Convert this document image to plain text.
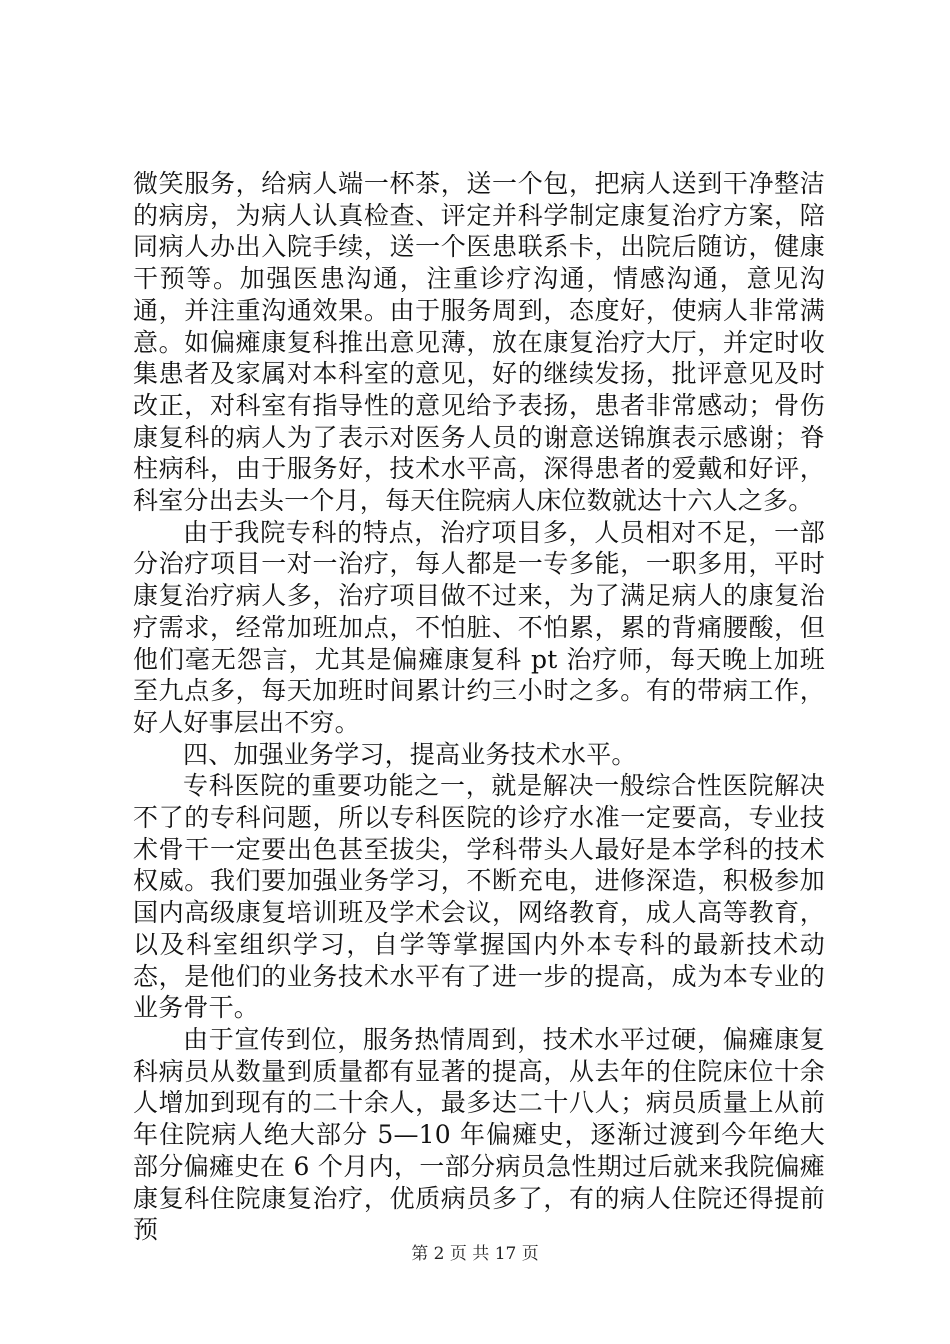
微笑服务，给病人端一杯茶，送一个包，把病人送到干净整洁的病房，为病人认真检查、评定并科学制定康复治疗方案，陪同病人办出入院手续，送一个医患联系卡，出院后随访，健康干预等。加强医患沟通，注重诊疗沟通，情感沟通，意见沟通，并注重沟通效果。由于服务周到，态度好，使病人非常满意。如偏瘫康复科推出意见薄，放在康复治疗大厅，并定时收集患者及家属对本科室的意见，好的继续发扬，批评意见及时改正，对科室有指导性的意见给予表扬，患者非常感动；骨伤康复科的病人为了表示对医务人员的谢意送锦旗表示感谢；脊柱病科，由于服务好，技术水平高，深得患者的爱戴和好评，科室分出去头一个月，每天住院病人床位数就达十六人之多。

由于我院专科的特点，治疗项目多，人员相对不足，一部分治疗项目一对一治疗，每人都是一专多能，一职多用，平时康复治疗病人多，治疗项目做不过来，为了满足病人的康复治疗需求，经常加班加点，不怕脏、不怕累，累的背痛腰酸，但他们毫无怨言，尤其是偏瘫康复科 pt 治疗师，每天晚上加班至九点多，每天加班时间累计约三小时之多。有的带病工作，好人好事层出不穷。

四、加强业务学习，提高业务技术水平。

专科医院的重要功能之一，就是解决一般综合性医院解决不了的专科问题，所以专科医院的诊疗水准一定要高，专业技术骨干一定要出色甚至拔尖，学科带头人最好是本学科的技术权威。我们要加强业务学习，不断充电，进修深造，积极参加国内高级康复培训班及学术会议，网络教育，成人高等教育，以及科室组织学习，自学等掌握国内外本专科的最新技术动态，是他们的业务技术水平有了进一步的提高，成为本专业的业务骨干。

由于宣传到位，服务热情周到，技术水平过硬，偏瘫康复科病员从数量到质量都有显著的提高，从去年的住院床位十余人增加到现有的二十余人，最多达二十八人；病员质量上从前年住院病人绝大部分 5—10 年偏瘫史，逐渐过渡到今年绝大部分偏瘫史在 6 个月内，一部分病员急性期过后就来我院偏瘫康复科住院康复治疗，优质病员多了，有的病人住院还得提前预

第 2 页 共 17 页
